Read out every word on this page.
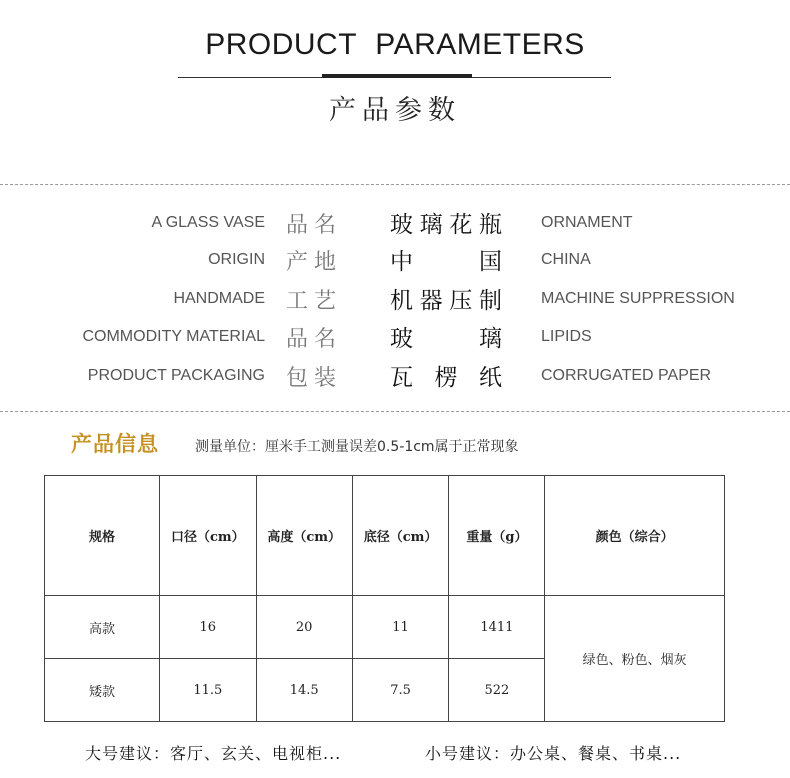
PRODUCT PARAMETERS
产品参数
A GLASS VASE 品名	玻 璃 花 瓶 ORNAMENT
ORIGIN 产地	中	国 CHINA
HANDMADE 工艺	机 器 压 制 MACHINE SUPPRESSION
COMMODITY MATERIAL 品名	玻	璃 LIPIDS
PRODUCT PACKAGING 包装	瓦 楞 纸 CORRUGATED PAPER
产品信息	测量单位：厘米手工测量误差0.5-1cm属于正常现象
规格	口径（cm）	高度（cm）	底径（cm）	重量（g）	颜色（综合）
高款	16	20	11	1411	绿色、粉色、烟灰
矮款	11.5	14.5	7.5	522	
大号建议：客厅、玄关、电视柜...	小号建议：办公桌、餐桌、书桌...
